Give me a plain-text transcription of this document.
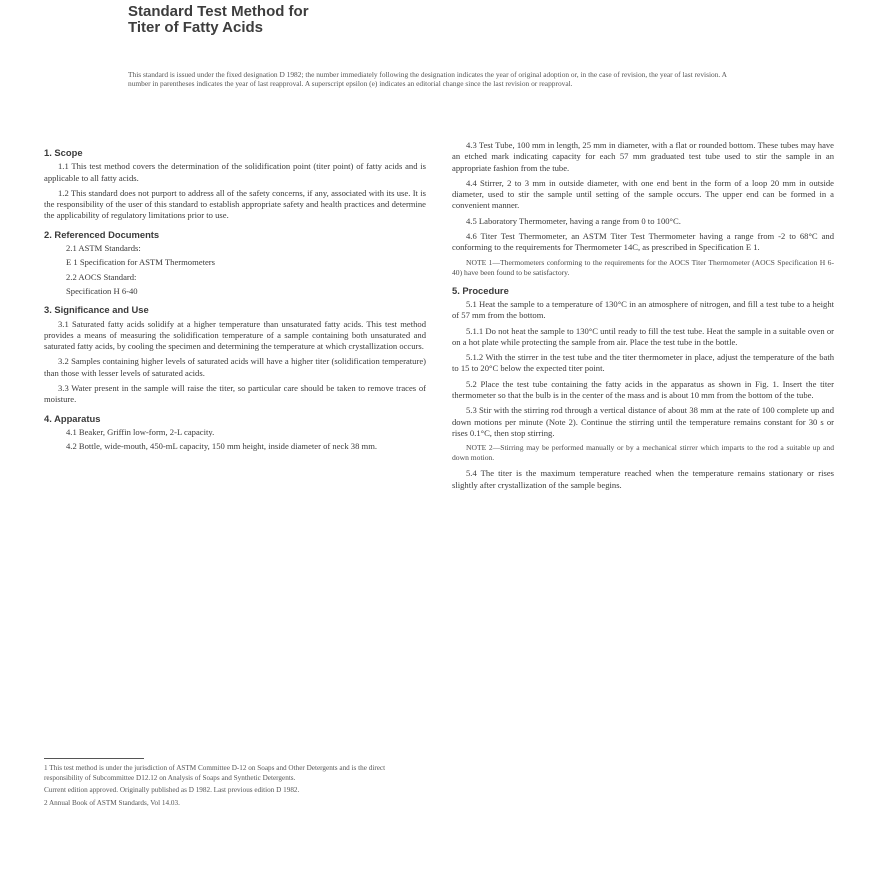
Standard Test Method for
Titer of Fatty Acids
This standard is issued under the fixed designation D 1982; the number immediately following the designation indicates the year of original adoption or, in the case of revision, the year of last revision. A number in parentheses indicates the year of last reapproval. A superscript epsilon (e) indicates an editorial change since the last revision or reapproval.
1. Scope

1.1 This test method covers the determination of the solidification point (titer point) of fatty acids and is applicable to all fatty acids.

1.2 This standard does not purport to address all of the safety concerns, if any, associated with its use. It is the responsibility of the user of this standard to establish appropriate safety and health practices and determine the applicability of regulatory limitations prior to use.

2. Referenced Documents
2.1 ASTM Standards:
E 1 Specification for ASTM Thermometers
2.2 AOCS Standard:
Specification H 6-40
3. Significance and Use

3.1 Saturated fatty acids solidify at a higher temperature than unsaturated fatty acids. This test method provides a means of measuring the solidification temperature of a sample containing both unsaturated and saturated fatty acids, by cooling the specimen and determining the temperature at which crystallization occurs.

3.2 Samples containing higher levels of saturated acids will have a higher titer (solidification temperature) than those with lesser levels of saturated acids.

3.3 Water present in the sample will raise the titer, so particular care should be taken to remove traces of moisture.

4. Apparatus
4.1 Beaker, Griffin low-form, 2-L capacity.
4.2 Bottle, wide-mouth, 450-mL capacity, 150 mm height, inside diameter of neck 38 mm.

4.3 Test Tube, 100 mm in length, 25 mm in diameter, with a flat or rounded bottom. These tubes may have an etched mark indicating capacity for each 57 mm graduated test tube used to stir the sample in an appropriate fashion from the tube.

4.4 Stirrer, 2 to 3 mm in outside diameter, with one end bent in the form of a loop 20 mm in outside diameter, used to stir the sample until setting of the sample occurs. The upper end can be formed in a convenient manner.

4.5 Laboratory Thermometer, having a range from 0 to 100°C.

4.6 Titer Test Thermometer, an ASTM Titer Test Thermometer having a range from -2 to 68°C and conforming to the requirements for Thermometer 14C, as prescribed in Specification E 1.

NOTE 1—Thermometers conforming to the requirements for the AOCS Titer Thermometer (AOCS Specification H 6-40) have been found to be satisfactory.

5. Procedure

5.1 Heat the sample to a temperature of 130°C in an atmosphere of nitrogen, and fill a test tube to a height of 57 mm from the bottom.

5.1.1 Do not heat the sample to 130°C until ready to fill the test tube. Heat the sample in a suitable oven or on a hot plate while protecting the sample from air. Place the test tube in the bottle.

5.1.2 With the stirrer in the test tube and the titer thermometer in place, adjust the temperature of the bath to 15 to 20°C below the expected titer point.

5.2 Place the test tube containing the fatty acids in the apparatus as shown in Fig. 1. Insert the titer thermometer so that the bulb is in the center of the mass and is about 10 mm from the bottom of the tube.

5.3 Stir with the stirring rod through a vertical distance of about 38 mm at the rate of 100 complete up and down motions per minute (Note 2). Continue the stirring until the temperature remains constant for 30 s or rises 0.1°C, then stop stirring.

NOTE 2—Stirring may be performed manually or by a mechanical stirrer which imparts to the rod a suitable up and down motion.

5.4 The titer is the maximum temperature reached when the temperature remains stationary or rises slightly after crystallization of the sample begins.

1 This test method is under the jurisdiction of ASTM Committee D-12 on Soaps and Other Detergents and is the direct responsibility of Subcommittee D12.12 on Analysis of Soaps and Synthetic Detergents.

Current edition approved. Originally published as D 1982. Last previous edition D 1982.

2 Annual Book of ASTM Standards, Vol 14.03.
